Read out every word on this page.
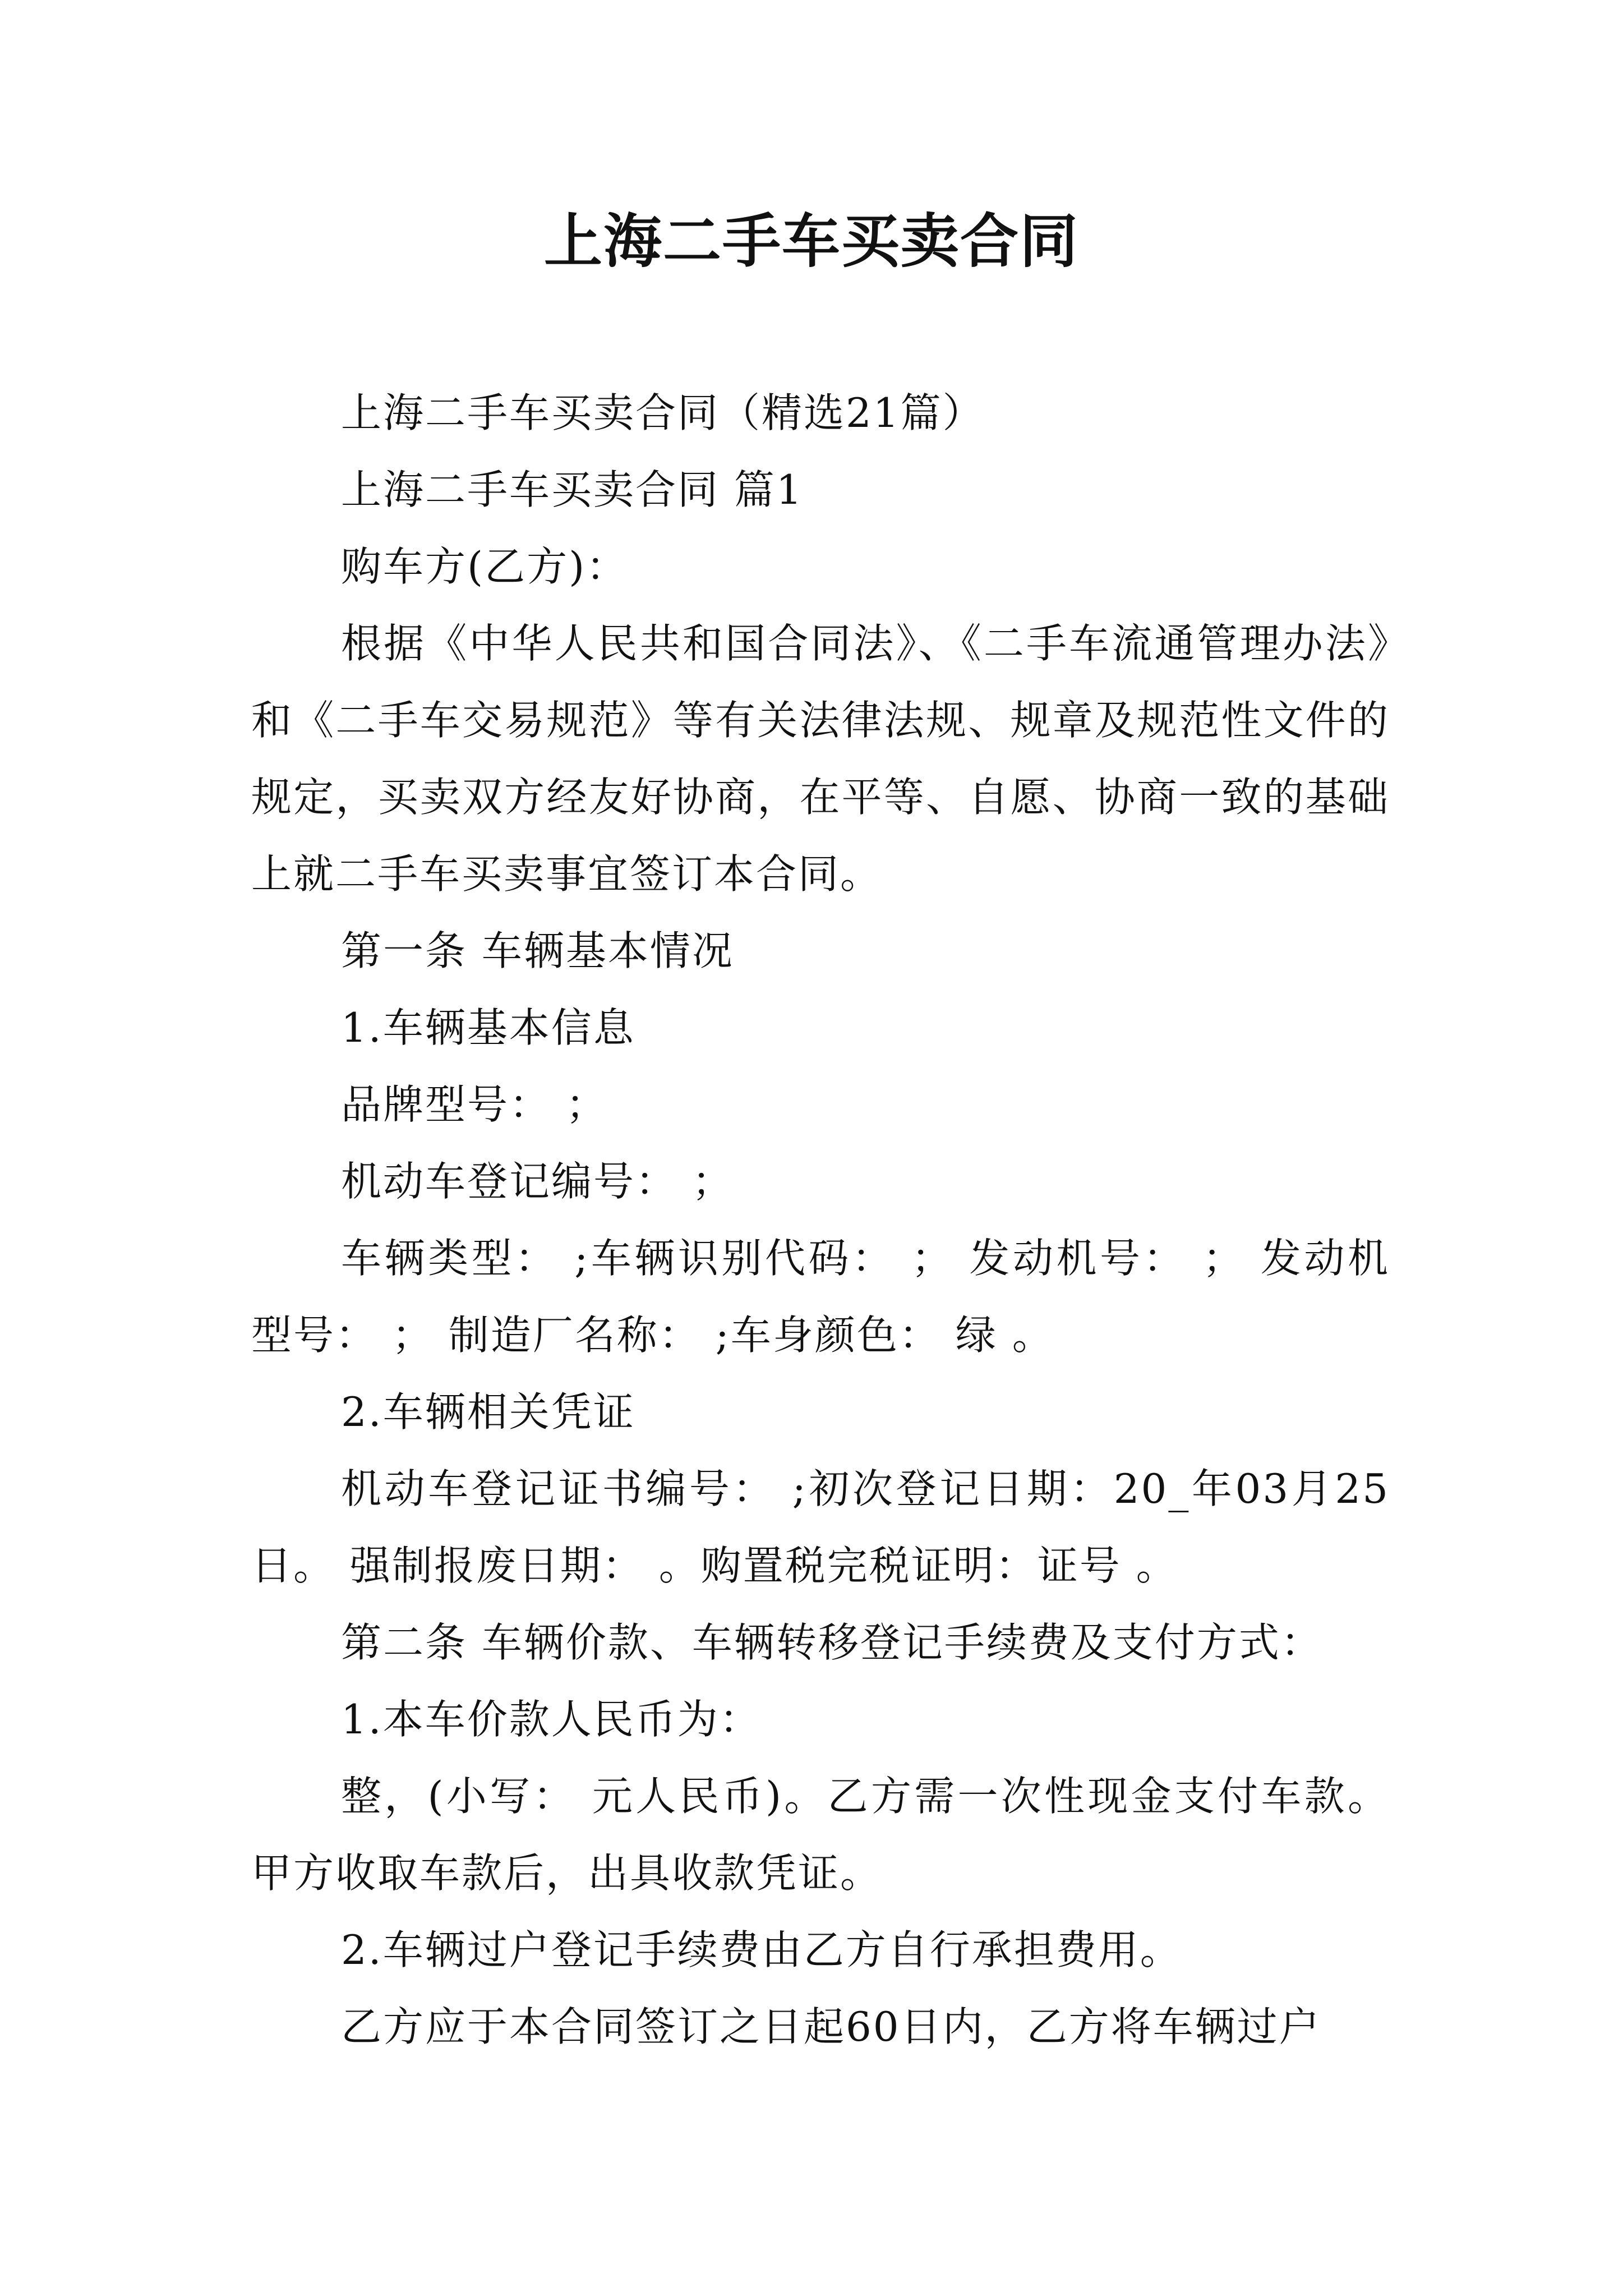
上海二手车买卖合同

上海二手车买卖合同（精选21篇）

上海二手车买卖合同 篇1

购车方(乙方)：

根据《中华人民共和国合同法》、《二手车流通管理办法》和《二手车交易规范》等有关法律法规、规章及规范性文件的规定，买卖双方经友好协商，在平等、自愿、协商一致的基础上就二手车买卖事宜签订本合同。

第一条 车辆基本情况

1.车辆基本信息

品牌型号： ；

机动车登记编号： ；

车辆类型： ;车辆识别代码： ； 发动机号： ； 发动机型号： ； 制造厂名称： ;车身颜色： 绿 。

2.车辆相关凭证

机动车登记证书编号： ;初次登记日期：20_年03月25日。 强制报废日期： 。购置税完税证明：证号 。

第二条 车辆价款、车辆转移登记手续费及支付方式：

1.本车价款人民币为：

整，(小写： 元人民币)。乙方需一次性现金支付车款。甲方收取车款后，出具收款凭证。

2.车辆过户登记手续费由乙方自行承担费用。

乙方应于本合同签订之日起60日内，乙方将车辆过户
